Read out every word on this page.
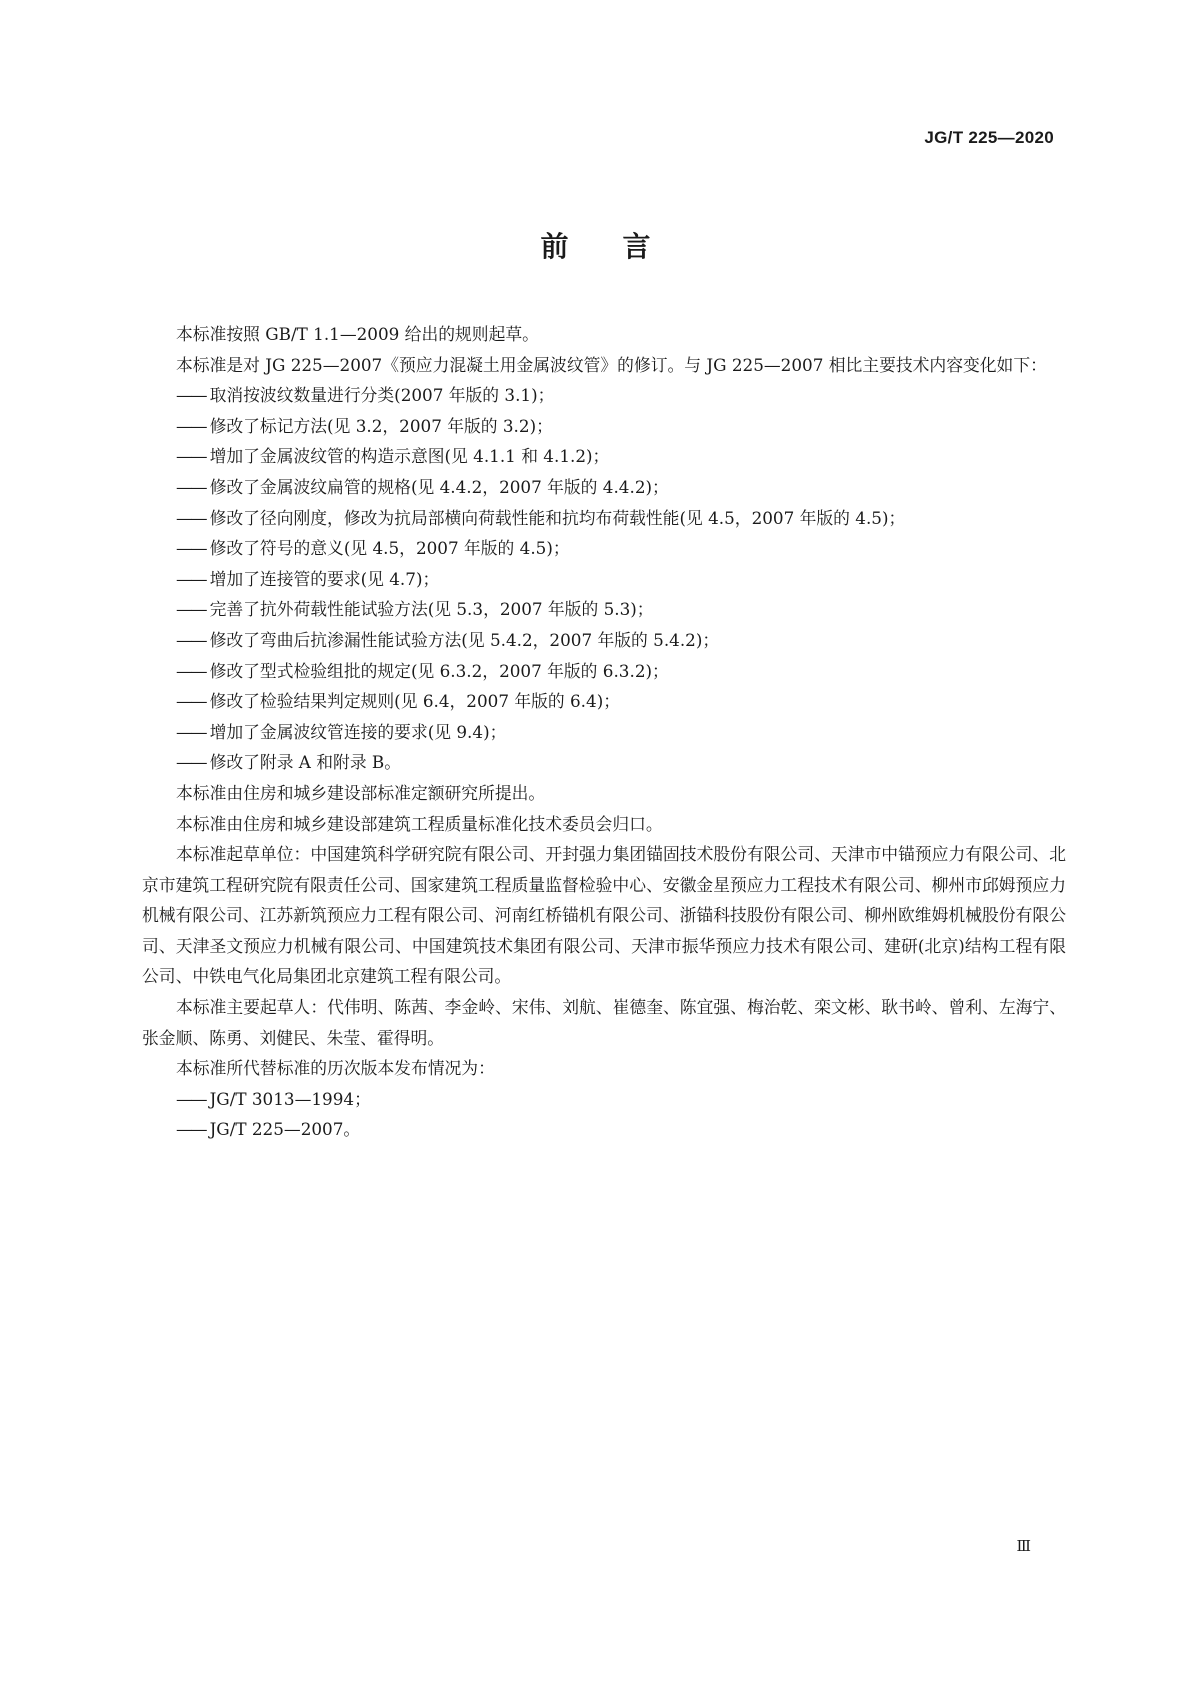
JG/T 225—2020
前言

本标准按照 GB/T 1.1—2009 给出的规则起草。

本标准是对 JG 225—2007《预应力混凝土用金属波纹管》的修订。与 JG 225—2007 相比主要技术内容变化如下：

—— 取消按波纹数量进行分类(2007 年版的 3.1)；
—— 修改了标记方法(见 3.2，2007 年版的 3.2)；
—— 增加了金属波纹管的构造示意图(见 4.1.1 和 4.1.2)；
—— 修改了金属波纹扁管的规格(见 4.4.2，2007 年版的 4.4.2)；
—— 修改了径向刚度，修改为抗局部横向荷载性能和抗均布荷载性能(见 4.5，2007 年版的 4.5)；
—— 修改了符号的意义(见 4.5，2007 年版的 4.5)；
—— 增加了连接管的要求(见 4.7)；
—— 完善了抗外荷载性能试验方法(见 5.3，2007 年版的 5.3)；
—— 修改了弯曲后抗渗漏性能试验方法(见 5.4.2，2007 年版的 5.4.2)；
—— 修改了型式检验组批的规定(见 6.3.2，2007 年版的 6.3.2)；
—— 修改了检验结果判定规则(见 6.4，2007 年版的 6.4)；
—— 增加了金属波纹管连接的要求(见 9.4)；
—— 修改了附录 A 和附录 B。

本标准由住房和城乡建设部标准定额研究所提出。

本标准由住房和城乡建设部建筑工程质量标准化技术委员会归口。

本标准起草单位：中国建筑科学研究院有限公司、开封强力集团锚固技术股份有限公司、天津市中锚预应力有限公司、北京市建筑工程研究院有限责任公司、国家建筑工程质量监督检验中心、安徽金星预应力工程技术有限公司、柳州市邱姆预应力机械有限公司、江苏新筑预应力工程有限公司、河南红桥锚机有限公司、浙锚科技股份有限公司、柳州欧维姆机械股份有限公司、天津圣文预应力机械有限公司、中国建筑技术集团有限公司、天津市振华预应力技术有限公司、建研(北京)结构工程有限公司、中铁电气化局集团北京建筑工程有限公司。

本标准主要起草人：代伟明、陈茜、李金岭、宋伟、刘航、崔德奎、陈宜强、梅治乾、栾文彬、耿书岭、曾利、左海宁、张金顺、陈勇、刘健民、朱莹、霍得明。

本标准所代替标准的历次版本发布情况为：

—— JG/T 3013—1994；
—— JG/T 225—2007。
Ⅲ
